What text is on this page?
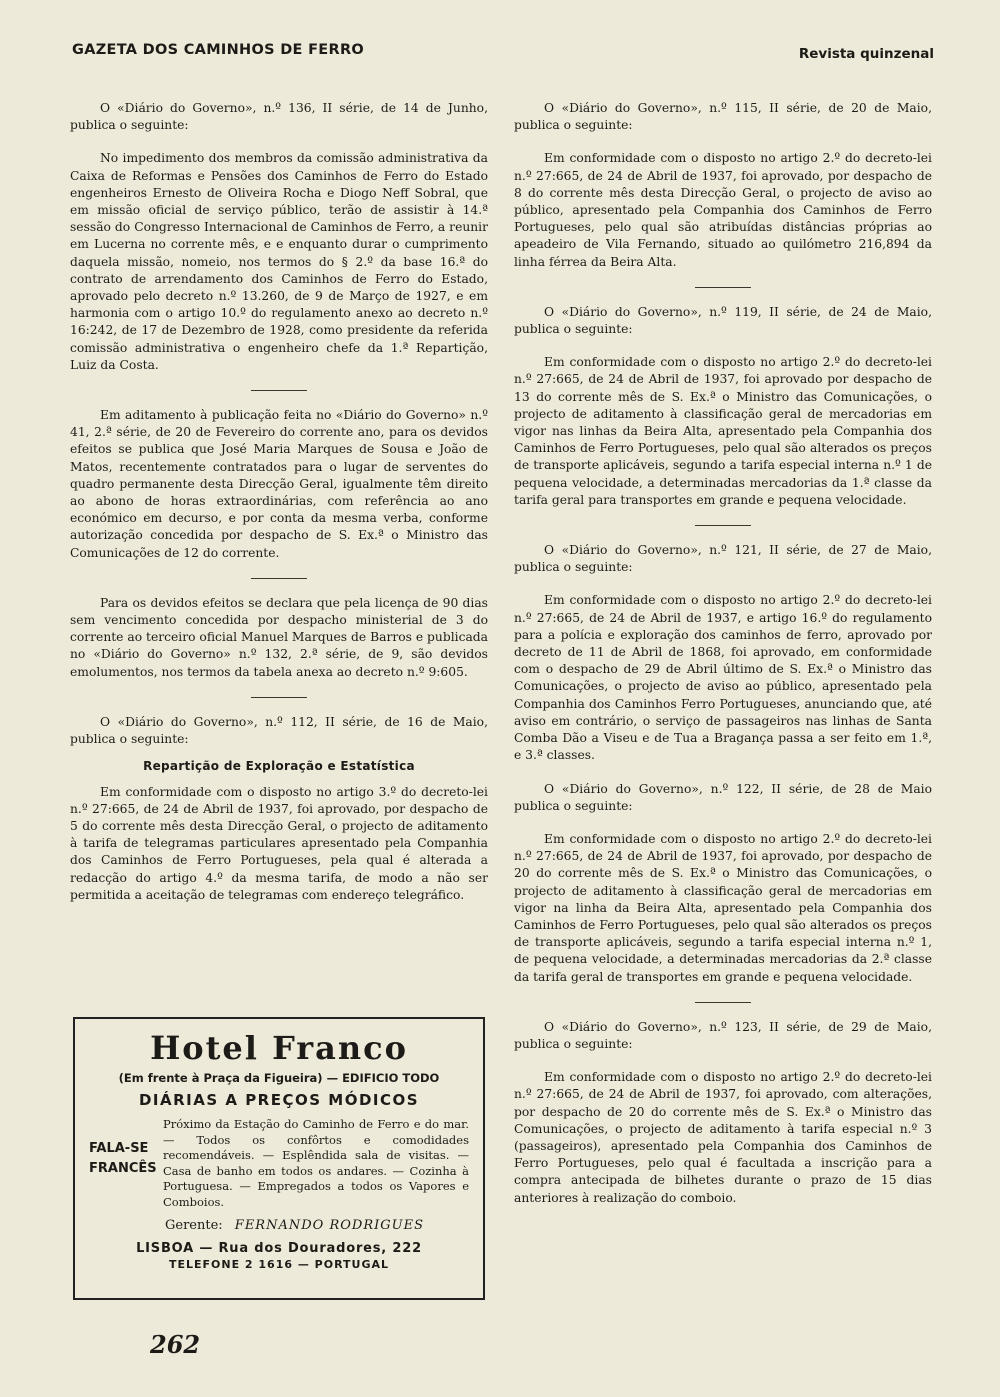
GAZETA DOS CAMINHOS DE FERRO	Revista quinzenal

O «Diário do Governo», n.º 136, II série, de 14 de Junho, publica o seguinte:

No impedimento dos membros da comissão administrativa da Caixa de Reformas e Pensões dos Caminhos de Ferro do Estado engenheiros Ernesto de Oliveira Rocha e Diogo Neff Sobral, que em missão oficial de serviço público, terão de assistir à 14.ª sessão do Congresso Internacional de Caminhos de Ferro, a reunir em Lucerna no corrente mês, e e enquanto durar o cumprimento daquela missão, nomeio, nos termos do § 2.º da base 16.ª do contrato de arrendamento dos Caminhos de Ferro do Estado, aprovado pelo decreto n.º 13.260, de 9 de Março de 1927, e em harmonia com o artigo 10.º do regulamento anexo ao decreto n.º 16:242, de 17 de Dezembro de 1928, como presidente da referida comissão administrativa o engenheiro chefe da 1.ª Repartição, Luiz da Costa.

Em aditamento à publicação feita no «Diário do Governo» n.º 41, 2.ª série, de 20 de Fevereiro do corrente ano, para os devidos efeitos se publica que José Maria Marques de Sousa e João de Matos, recentemente contratados para o lugar de serventes do quadro permanente desta Direcção Geral, igualmente têm direito ao abono de horas extraordinárias, com referência ao ano económico em decurso, e por conta da mesma verba, conforme autorização concedida por despacho de S. Ex.ª o Ministro das Comunicações de 12 do corrente.

Para os devidos efeitos se declara que pela licença de 90 dias sem vencimento concedida por despacho ministerial de 3 do corrente ao terceiro oficial Manuel Marques de Barros e publicada no «Diário do Governo» n.º 132, 2.ª série, de 9, são devidos emolumentos, nos termos da tabela anexa ao decreto n.º 9:605.

O «Diário do Governo», n.º 112, II série, de 16 de Maio, publica o seguinte:

Repartição de Exploração e Estatística

Em conformidade com o disposto no artigo 3.º do decreto-lei n.º 27:665, de 24 de Abril de 1937, foi aprovado, por despacho de 5 do corrente mês desta Direcção Geral, o projecto de aditamento à tarifa de telegramas particulares apresentado pela Companhia dos Caminhos de Ferro Portugueses, pela qual é alterada a redacção do artigo 4.º da mesma tarifa, de modo a não ser permitida a aceitação de telegramas com endereço telegráfico.

Hotel Franco
(Em frente à Praça da Figueira) — EDIFICIO TODO
DIÁRIAS A PREÇOS MÓDICOS
FALA-SE
FRANCÊS
Próximo da Estação do Caminho de Ferro e do mar. — Todos os confôrtos e comodidades recomendáveis. — Esplêndida sala de visitas. — Casa de banho em todos os andares. — Cozinha à Portuguesa. — Empregados a todos os Vapores e Comboios.
Gerente: FERNANDO RODRIGUES
LISBOA — Rua dos Douradores, 222
TELEFONE 2 1616 — PORTUGAL

O «Diário do Governo», n.º 115, II série, de 20 de Maio, publica o seguinte:

Em conformidade com o disposto no artigo 2.º do decreto-lei n.º 27:665, de 24 de Abril de 1937, foi aprovado, por despacho de 8 do corrente mês desta Direcção Geral, o projecto de aviso ao público, apresentado pela Companhia dos Caminhos de Ferro Portugueses, pelo qual são atribuídas distâncias próprias ao apeadeiro de Vila Fernando, situado ao quilómetro 216,894 da linha férrea da Beira Alta.

O «Diário do Governo», n.º 119, II série, de 24 de Maio, publica o seguinte:

Em conformidade com o disposto no artigo 2.º do decreto-lei n.º 27:665, de 24 de Abril de 1937, foi aprovado por despacho de 13 do corrente mês de S. Ex.ª o Ministro das Comunicações, o projecto de aditamento à classificação geral de mercadorias em vigor nas linhas da Beira Alta, apresentado pela Companhia dos Caminhos de Ferro Portugueses, pelo qual são alterados os preços de transporte aplicáveis, segundo a tarifa especial interna n.º 1 de pequena velocidade, a determinadas mercadorias da 1.ª classe da tarifa geral para transportes em grande e pequena velocidade.

O «Diário do Governo», n.º 121, II série, de 27 de Maio, publica o seguinte:

Em conformidade com o disposto no artigo 2.º do decreto-lei n.º 27:665, de 24 de Abril de 1937, e artigo 16.º do regulamento para a polícia e exploração dos caminhos de ferro, aprovado por decreto de 11 de Abril de 1868, foi aprovado, em conformidade com o despacho de 29 de Abril último de S. Ex.ª o Ministro das Comunicações, o projecto de aviso ao público, apresentado pela Companhia dos Caminhos Ferro Portugueses, anunciando que, até aviso em contrário, o serviço de passageiros nas linhas de Santa Comba Dão a Viseu e de Tua a Bragança passa a ser feito em 1.ª, e 3.ª classes.

O «Diário do Governo», n.º 122, II série, de 28 de Maio publica o seguinte:

Em conformidade com o disposto no artigo 2.º do decreto-lei n.º 27:665, de 24 de Abril de 1937, foi aprovado, por despacho de 20 do corrente mês de S. Ex.ª o Ministro das Comunicações, o projecto de aditamento à classificação geral de mercadorias em vigor na linha da Beira Alta, apresentado pela Companhia dos Caminhos de Ferro Portugueses, pelo qual são alterados os preços de transporte aplicáveis, segundo a tarifa especial interna n.º 1, de pequena velocidade, a determinadas mercadorias da 2.ª classe da tarifa geral de transportes em grande e pequena velocidade.

O «Diário do Governo», n.º 123, II série, de 29 de Maio, publica o seguinte:

Em conformidade com o disposto no artigo 2.º do decreto-lei n.º 27:665, de 24 de Abril de 1937, foi aprovado, com alterações, por despacho de 20 do corrente mês de S. Ex.ª o Ministro das Comunicações, o projecto de aditamento à tarifa especial n.º 3 (passageiros), apresentado pela Companhia dos Caminhos de Ferro Portugueses, pelo qual é facultada a inscrição para a compra antecipada de bilhetes durante o prazo de 15 dias anteriores à realização do comboio.

262
